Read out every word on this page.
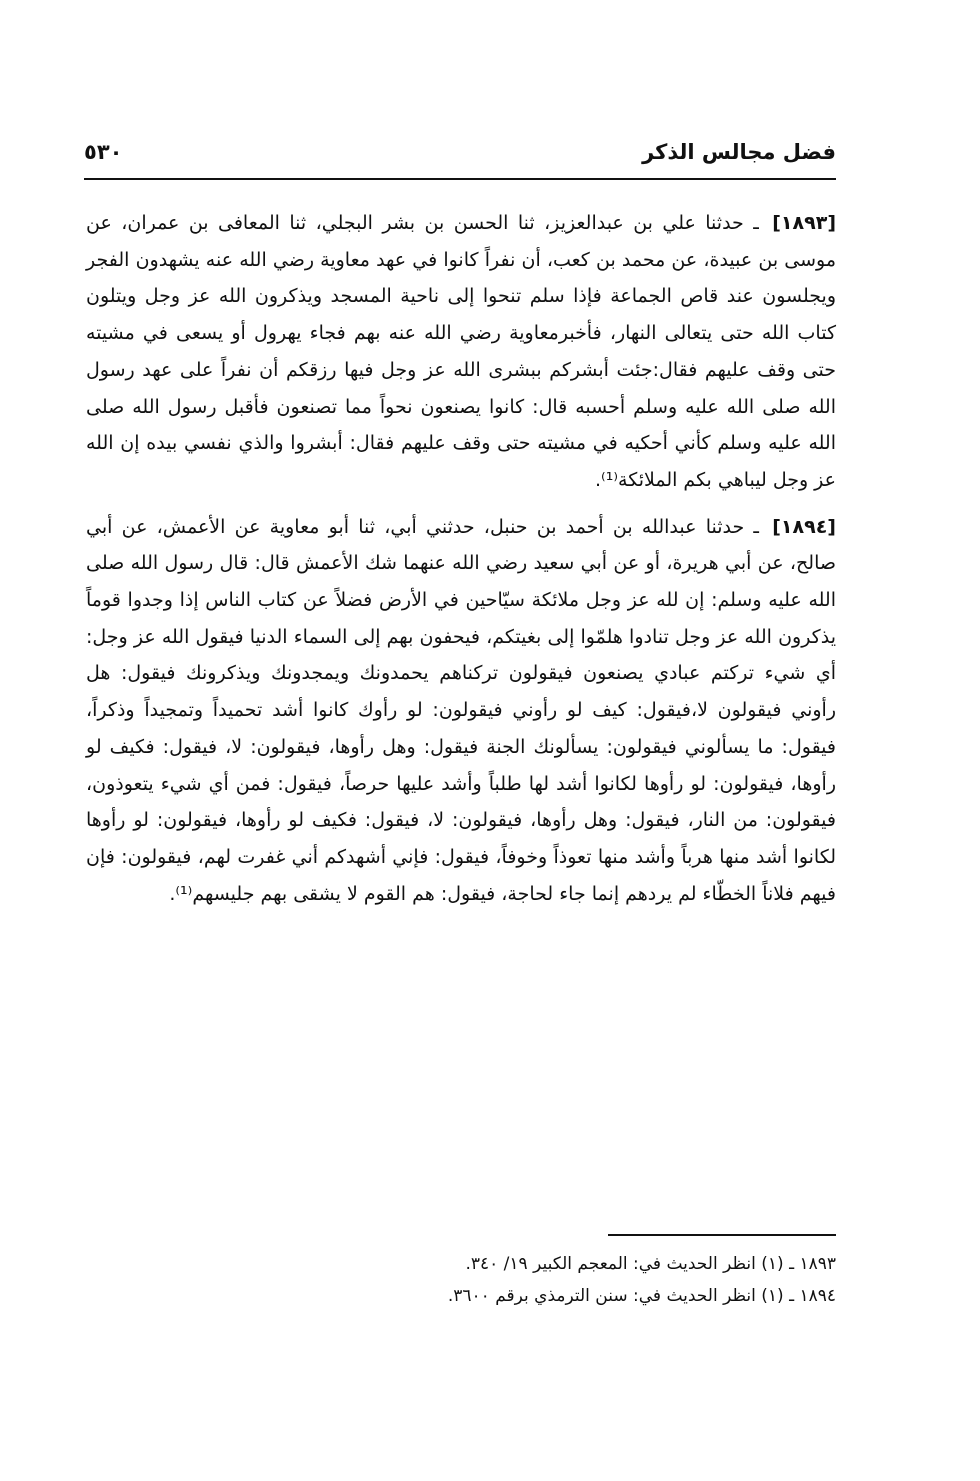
فضل مجالس الذكر
٥٣٠

[١٨٩٣] ـ حدثنا علي بن عبدالعزيز، ثنا الحسن بن بشر البجلي، ثنا المعافى بن عمران، عن موسى بن عبيدة، عن محمد بن كعب، أن نفراً كانوا في عهد معاوية رضي الله عنه يشهدون الفجر ويجلسون عند قاص الجماعة فإذا سلم تنحوا إلى ناحية المسجد ويذكرون الله عز وجل ويتلون كتاب الله حتى يتعالى النهار، فأخبرمعاوية رضي الله عنه بهم فجاء يهرول أو يسعى في مشيته حتى وقف عليهم فقال:جئت أبشركم ببشرى الله عز وجل فيها رزقكم أن نفراً على عهد رسول الله صلى الله عليه وسلم أحسبه قال: كانوا يصنعون نحواً مما تصنعون فأقبل رسول الله صلى الله عليه وسلم كأني أحكيه في مشيته حتى وقف عليهم فقال: أبشروا والذي نفسي بيده إن الله عز وجل ليباهي بكم الملائكة⁽¹⁾.

[١٨٩٤] ـ حدثنا عبدالله بن أحمد بن حنبل، حدثني أبي، ثنا أبو معاوية عن الأعمش، عن أبي صالح، عن أبي هريرة، أو عن أبي سعيد رضي الله عنهما شك الأعمش قال: قال رسول الله صلى الله عليه وسلم: إن لله عز وجل ملائكة سيّاحين في الأرض فضلاً عن كتاب الناس إذا وجدوا قوماً يذكرون الله عز وجل تنادوا هلمّوا إلى بغيتكم، فيحفون بهم إلى السماء الدنيا فيقول الله عز وجل: أي شيء تركتم عبادي يصنعون فيقولون تركناهم يحمدونك ويمجدونك ويذكرونك فيقول: هل رأوني فيقولون لا،فيقول: كيف لو رأوني فيقولون: لو رأوك كانوا أشد تحميداً وتمجيداً وذكراً، فيقول: ما يسألوني فيقولون: يسألونك الجنة فيقول: وهل رأوها، فيقولون: لا، فيقول: فكيف لو رأوها، فيقولون: لو رأوها لكانوا أشد لها طلباً وأشد عليها حرصاً، فيقول: فمن أي شيء يتعوذون، فيقولون: من النار، فيقول: وهل رأوها، فيقولون: لا، فيقول: فكيف لو رأوها، فيقولون: لو رأوها لكانوا أشد منها هرباً وأشد منها تعوذاً وخوفاً، فيقول: فإني أشهدكم أني غفرت لهم، فيقولون: فإن فيهم فلاناً الخطّاء لم يردهم إنما جاء لحاجة، فيقول: هم القوم لا يشقى بهم جليسهم⁽¹⁾.

١٨٩٣ ـ (١) انظر الحديث في: المعجم الكبير ١٩/ ٣٤٠.

١٨٩٤ ـ (١) انظر الحديث في: سنن الترمذي برقم ٣٦٠٠.
